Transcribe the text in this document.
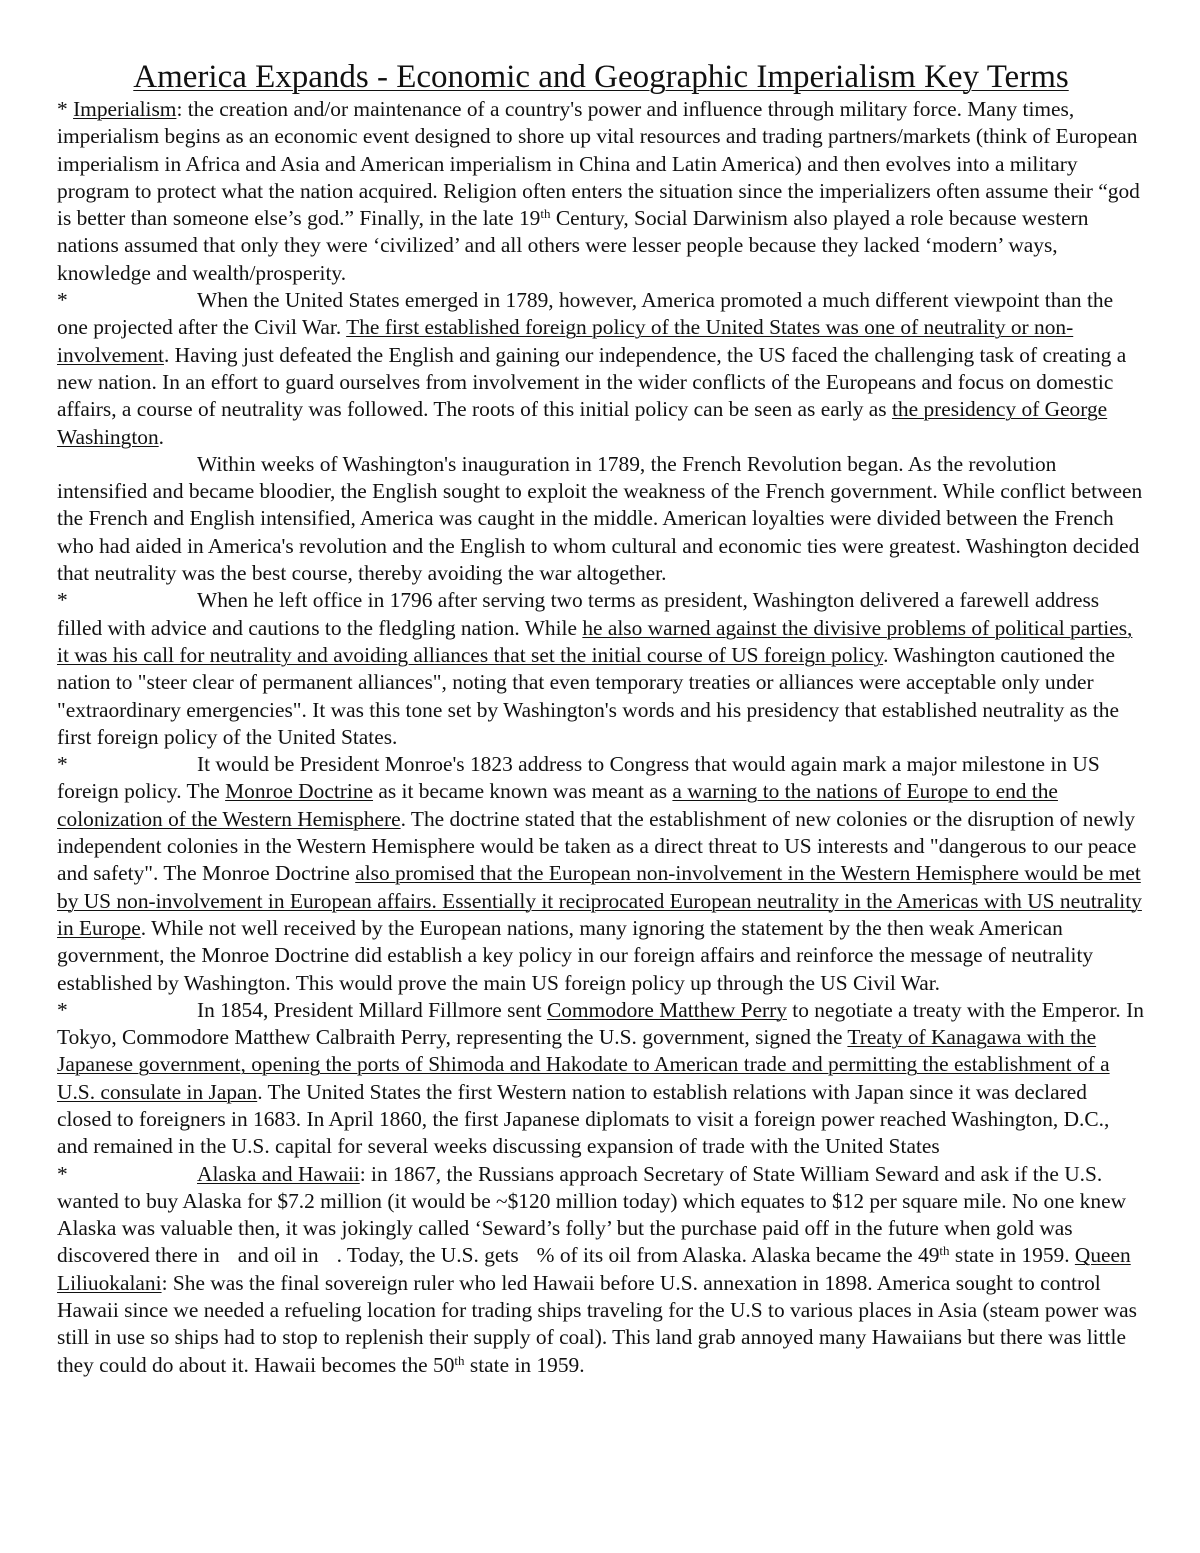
America Expands - Economic and Geographic Imperialism Key Terms

* Imperialism: the creation and/or maintenance of a country's power and influence through military force. Many times, imperialism begins as an economic event designed to shore up vital resources and trading partners/markets (think of European imperialism in Africa and Asia and American imperialism in China and Latin America) and then evolves into a military program to protect what the nation acquired. Religion often enters the situation since the imperializers often assume their “god is better than someone else’s god.” Finally, in the late 19th Century, Social Darwinism also played a role because western nations assumed that only they were ‘civilized’ and all others were lesser people because they lacked ‘modern’ ways, knowledge and wealth/prosperity.

*	When the United States emerged in 1789, however, America promoted a much different viewpoint than the one projected after the Civil War. The first established foreign policy of the United States was one of neutrality or non-involvement. Having just defeated the English and gaining our independence, the US faced the challenging task of creating a new nation. In an effort to guard ourselves from involvement in the wider conflicts of the Europeans and focus on domestic affairs, a course of neutrality was followed. The roots of this initial policy can be seen as early as the presidency of George Washington.

Within weeks of Washington's inauguration in 1789, the French Revolution began. As the revolution intensified and became bloodier, the English sought to exploit the weakness of the French government. While conflict between the French and English intensified, America was caught in the middle. American loyalties were divided between the French who had aided in America's revolution and the English to whom cultural and economic ties were greatest. Washington decided that neutrality was the best course, thereby avoiding the war altogether.

*	When he left office in 1796 after serving two terms as president, Washington delivered a farewell address filled with advice and cautions to the fledgling nation. While he also warned against the divisive problems of political parties, it was his call for neutrality and avoiding alliances that set the initial course of US foreign policy. Washington cautioned the nation to "steer clear of permanent alliances", noting that even temporary treaties or alliances were acceptable only under "extraordinary emergencies". It was this tone set by Washington's words and his presidency that established neutrality as the first foreign policy of the United States.

*	It would be President Monroe's 1823 address to Congress that would again mark a major milestone in US foreign policy. The Monroe Doctrine as it became known was meant as a warning to the nations of Europe to end the colonization of the Western Hemisphere. The doctrine stated that the establishment of new colonies or the disruption of newly independent colonies in the Western Hemisphere would be taken as a direct threat to US interests and "dangerous to our peace and safety". The Monroe Doctrine also promised that the European non-involvement in the Western Hemisphere would be met by US non-involvement in European affairs. Essentially it reciprocated European neutrality in the Americas with US neutrality in Europe. While not well received by the European nations, many ignoring the statement by the then weak American government, the Monroe Doctrine did establish a key policy in our foreign affairs and reinforce the message of neutrality established by Washington. This would prove the main US foreign policy up through the US Civil War.

*	In 1854, President Millard Fillmore sent Commodore Matthew Perry to negotiate a treaty with the Emperor. In Tokyo, Commodore Matthew Calbraith Perry, representing the U.S. government, signed the Treaty of Kanagawa with the Japanese government, opening the ports of Shimoda and Hakodate to American trade and permitting the establishment of a U.S. consulate in Japan. The United States the first Western nation to establish relations with Japan since it was declared closed to foreigners in 1683. In April 1860, the first Japanese diplomats to visit a foreign power reached Washington, D.C., and remained in the U.S. capital for several weeks discussing expansion of trade with the United States

*	Alaska and Hawaii: in 1867, the Russians approach Secretary of State William Seward and ask if the U.S. wanted to buy Alaska for $7.2 million (it would be ~$120 million today) which equates to $12 per square mile. No one knew Alaska was valuable then, it was jokingly called ‘Seward’s folly’ but the purchase paid off in the future when gold was discovered there in and oil in . Today, the U.S. gets % of its oil from Alaska. Alaska became the 49th state in 1959. Queen Liliuokalani: She was the final sovereign ruler who led Hawaii before U.S. annexation in 1898. America sought to control Hawaii since we needed a refueling location for trading ships traveling for the U.S to various places in Asia (steam power was still in use so ships had to stop to replenish their supply of coal). This land grab annoyed many Hawaiians but there was little they could do about it. Hawaii becomes the 50th state in 1959.
